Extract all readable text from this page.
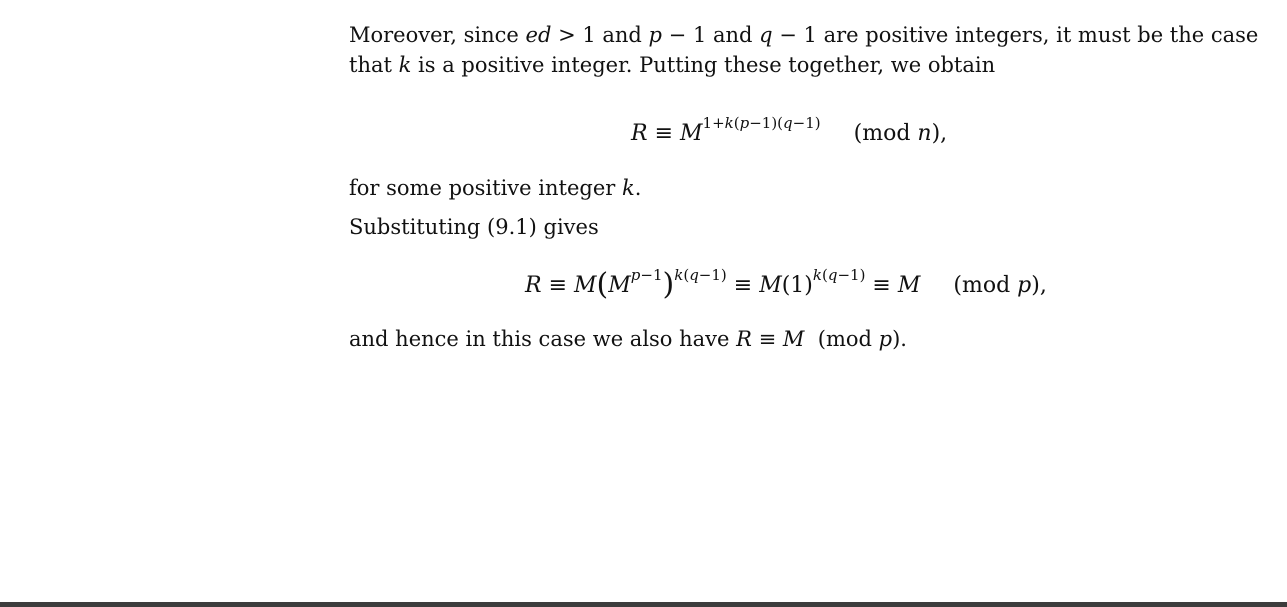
Moreover, since ed > 1 and p − 1 and q − 1 are positive integers, it must be the case
that k is a positive integer. Putting these together, we obtain
$R \equiv M^{1+k(p-1)(q-1)}$ (mod n),
for some positive integer k.
Substituting (9.1) gives
$R \equiv M(M^{p-1})^{k(q-1)} \equiv M(1)^{k(q-1)} \equiv M$ (mod p),
and hence in this case we also have R ≡ M  (mod p).
